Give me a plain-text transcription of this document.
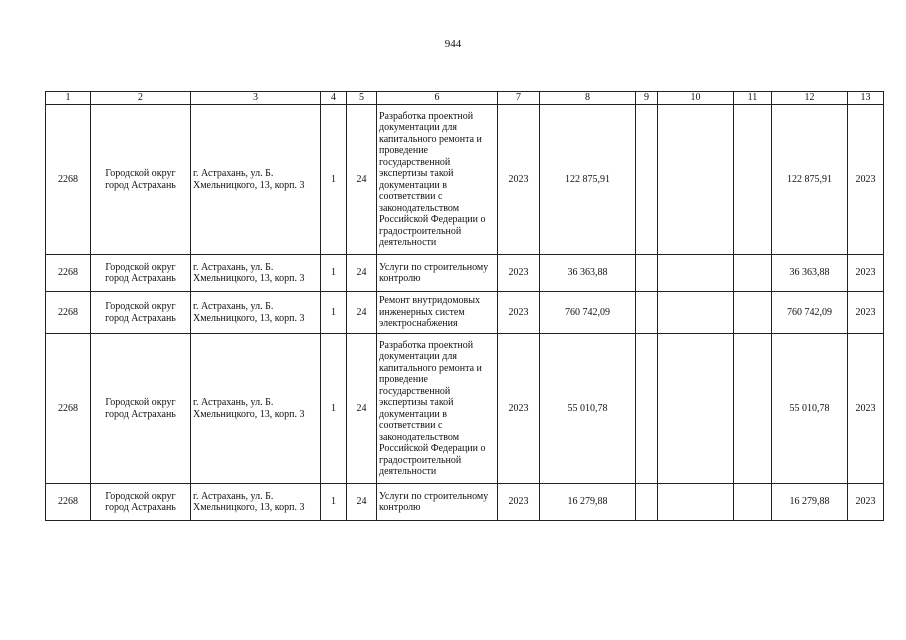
944
1	2	3	4	5	6	7	8	9	10	11	12	13
2268	Городской округ город Астрахань	г. Астрахань, ул. Б. Хмельницкого, 13, корп. 3	1	24	Разработка проектной документации для капитального ремонта и проведение государственной экспертизы такой документации в соответствии с законодательством Российской Федерации о градостроительной деятельности	2023	122 875,91				122 875,91	2023
2268	Городской округ город Астрахань	г. Астрахань, ул. Б. Хмельницкого, 13, корп. 3	1	24	Услуги по строительному контролю	2023	36 363,88				36 363,88	2023
2268	Городской округ город Астрахань	г. Астрахань, ул. Б. Хмельницкого, 13, корп. 3	1	24	Ремонт внутридомовых инженерных систем электроснабжения	2023	760 742,09				760 742,09	2023
2268	Городской округ город Астрахань	г. Астрахань, ул. Б. Хмельницкого, 13, корп. 3	1	24	Разработка проектной документации для капитального ремонта и проведение государственной экспертизы такой документации в соответствии с законодательством Российской Федерации о градостроительной деятельности	2023	55 010,78				55 010,78	2023
2268	Городской округ город Астрахань	г. Астрахань, ул. Б. Хмельницкого, 13, корп. 3	1	24	Услуги по строительному контролю	2023	16 279,88				16 279,88	2023
